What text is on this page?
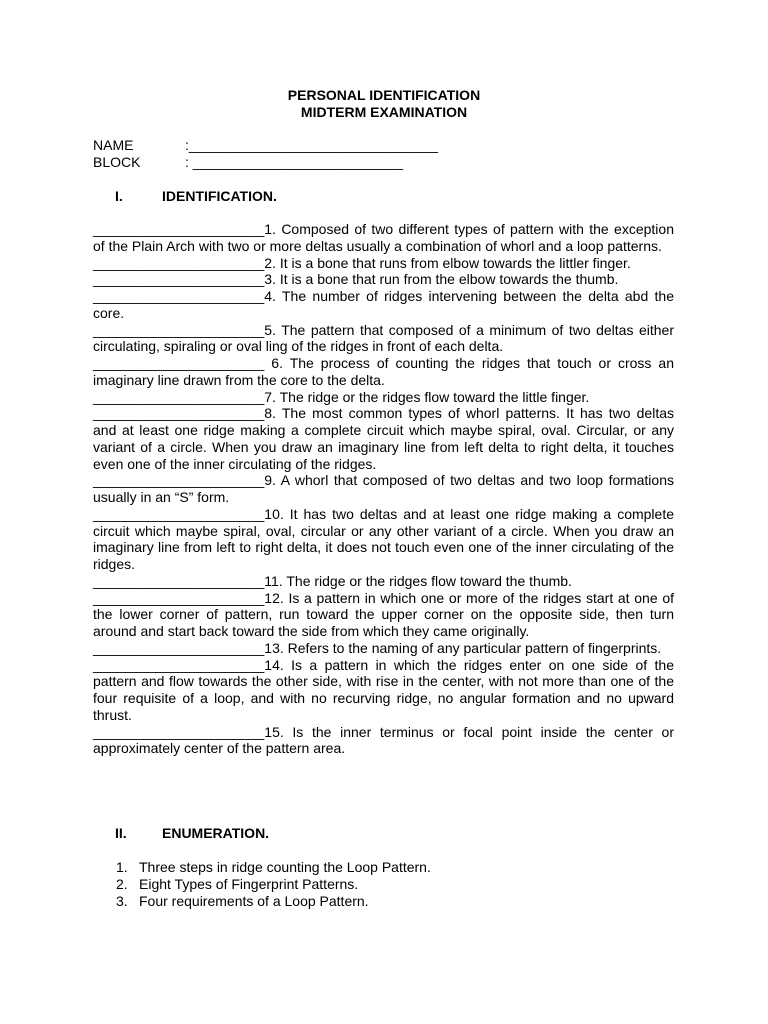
PERSONAL IDENTIFICATION
MIDTERM EXAMINATION
NAME	:________________________________
BLOCK	: ___________________________
I.	IDENTIFICATION.
______________________1. Composed of two different types of pattern with the exception of the Plain Arch with two or more deltas usually a combination of whorl and a loop patterns.
______________________2. It is a bone that runs from elbow towards the littler finger.
______________________3. It is a bone that run from the elbow towards the thumb.
______________________4. The number of ridges intervening between the delta abd the core.
______________________5. The pattern that composed of a minimum of two deltas either circulating, spiraling or oval ling of the ridges in front of each delta.
______________________ 6. The process of counting the ridges that touch or cross an imaginary line drawn from the core to the delta.
______________________7. The ridge or the ridges flow toward the little finger.
______________________8. The most common types of whorl patterns. It has two deltas and at least one ridge making a complete circuit which maybe spiral, oval. Circular, or any variant of a circle. When you draw an imaginary line from left delta to right delta, it touches even one of the inner circulating of the ridges.
______________________9. A whorl that composed of two deltas and two loop formations usually in an “S” form.
______________________10. It has two deltas and at least one ridge making a complete circuit which maybe spiral, oval, circular or any other variant of a circle. When you draw an imaginary line from left to right delta, it does not touch even one of the inner circulating of the ridges.
______________________11. The ridge or the ridges flow toward the thumb.
______________________12. Is a pattern in which one or more of the ridges start at one of the lower corner of pattern, run toward the upper corner on the opposite side, then turn around and start back toward the side from which they came originally.
______________________13. Refers to the naming of any particular pattern of fingerprints.
______________________14. Is a pattern in which the ridges enter on one side of the pattern and flow towards the other side, with rise in the center, with not more than one of the four requisite of a loop, and with no recurving ridge, no angular formation and no upward thrust.
______________________15. Is the inner terminus or focal point inside the center or approximately center of the pattern area.
II.	ENUMERATION.
1. Three steps in ridge counting the Loop Pattern.
2. Eight Types of Fingerprint Patterns.
3. Four requirements of a Loop Pattern.
